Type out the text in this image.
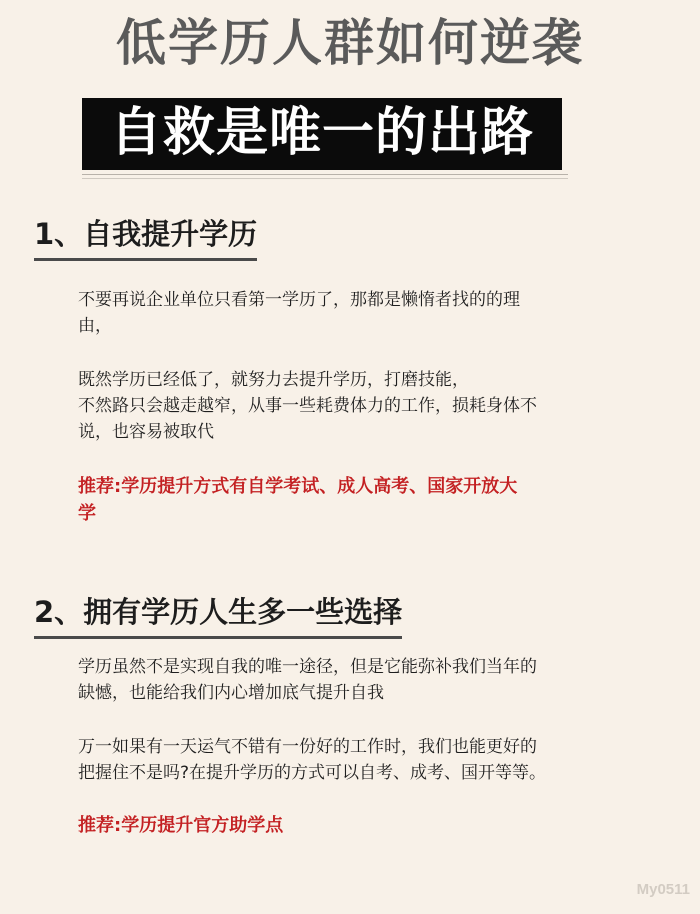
低学历人群如何逆袭
自救是唯一的出路
1、自我提升学历
不要再说企业单位只看第一学历了，那都是懒惰者找的的理
由，
既然学历已经低了，就努力去提升学历，打磨技能，
不然路只会越走越窄，从事一些耗费体力的工作，损耗身体不
说，也容易被取代
推荐:学历提升方式有自学考试、成人高考、国家开放大
学
2、拥有学历人生多一些选择
学历虽然不是实现自我的唯一途径，但是它能弥补我们当年的
缺憾，也能给我们内心增加底气提升自我
万一如果有一天运气不错有一份好的工作时，我们也能更好的
把握住不是吗?在提升学历的方式可以自考、成考、国开等等。
推荐:学历提升官方助学点
My0511
